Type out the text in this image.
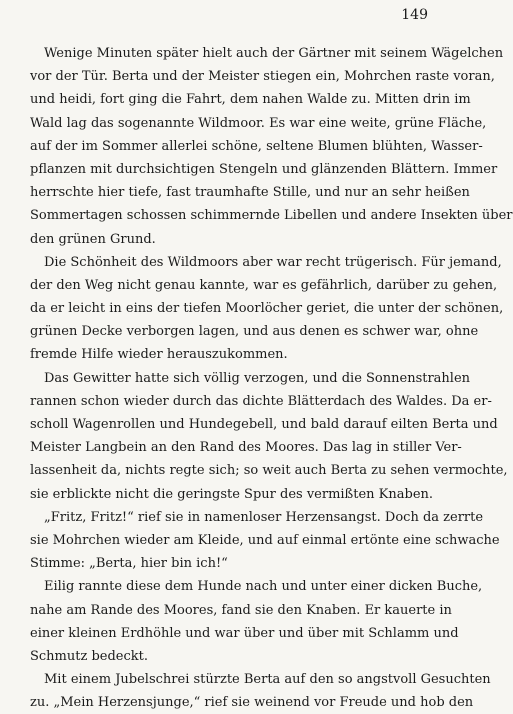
149
Wenige Minuten später hielt auch der Gärtner mit seinem Wägelchen
vor der Tür. Berta und der Meister stiegen ein, Mohrchen raste voran,
und heidi, fort ging die Fahrt, dem nahen Walde zu. Mitten drin im
Wald lag das sogenannte Wildmoor. Es war eine weite, grüne Fläche,
auf der im Sommer allerlei schöne, seltene Blumen blühten, Wasser-
pflanzen mit durchsichtigen Stengeln und glänzenden Blättern. Immer
herrschte hier tiefe, fast traumhafte Stille, und nur an sehr heißen
Sommertagen schossen schimmernde Libellen und andere Insekten über
den grünen Grund.
Die Schönheit des Wildmoors aber war recht trügerisch. Für jemand,
der den Weg nicht genau kannte, war es gefährlich, darüber zu gehen,
da er leicht in eins der tiefen Moorlöcher geriet, die unter der schönen,
grünen Decke verborgen lagen, und aus denen es schwer war, ohne
fremde Hilfe wieder herauszukommen.
Das Gewitter hatte sich völlig verzogen, und die Sonnenstrahlen
rannen schon wieder durch das dichte Blätterdach des Waldes. Da er-
scholl Wagenrollen und Hundegebell, und bald darauf eilten Berta und
Meister Langbein an den Rand des Moores. Das lag in stiller Ver-
lassenheit da, nichts regte sich; so weit auch Berta zu sehen vermochte,
sie erblickte nicht die geringste Spur des vermißten Knaben.
„Fritz, Fritz!“ rief sie in namenloser Herzensangst. Doch da zerrte
sie Mohrchen wieder am Kleide, und auf einmal ertönte eine schwache
Stimme: „Berta, hier bin ich!“
Eilig rannte diese dem Hunde nach und unter einer dicken Buche,
nahe am Rande des Moores, fand sie den Knaben. Er kauerte in
einer kleinen Erdhöhle und war über und über mit Schlamm und
Schmutz bedeckt.
Mit einem Jubelschrei stürzte Berta auf den so angstvoll Gesuchten
zu. „Mein Herzensjunge,“ rief sie weinend vor Freude und hob den
